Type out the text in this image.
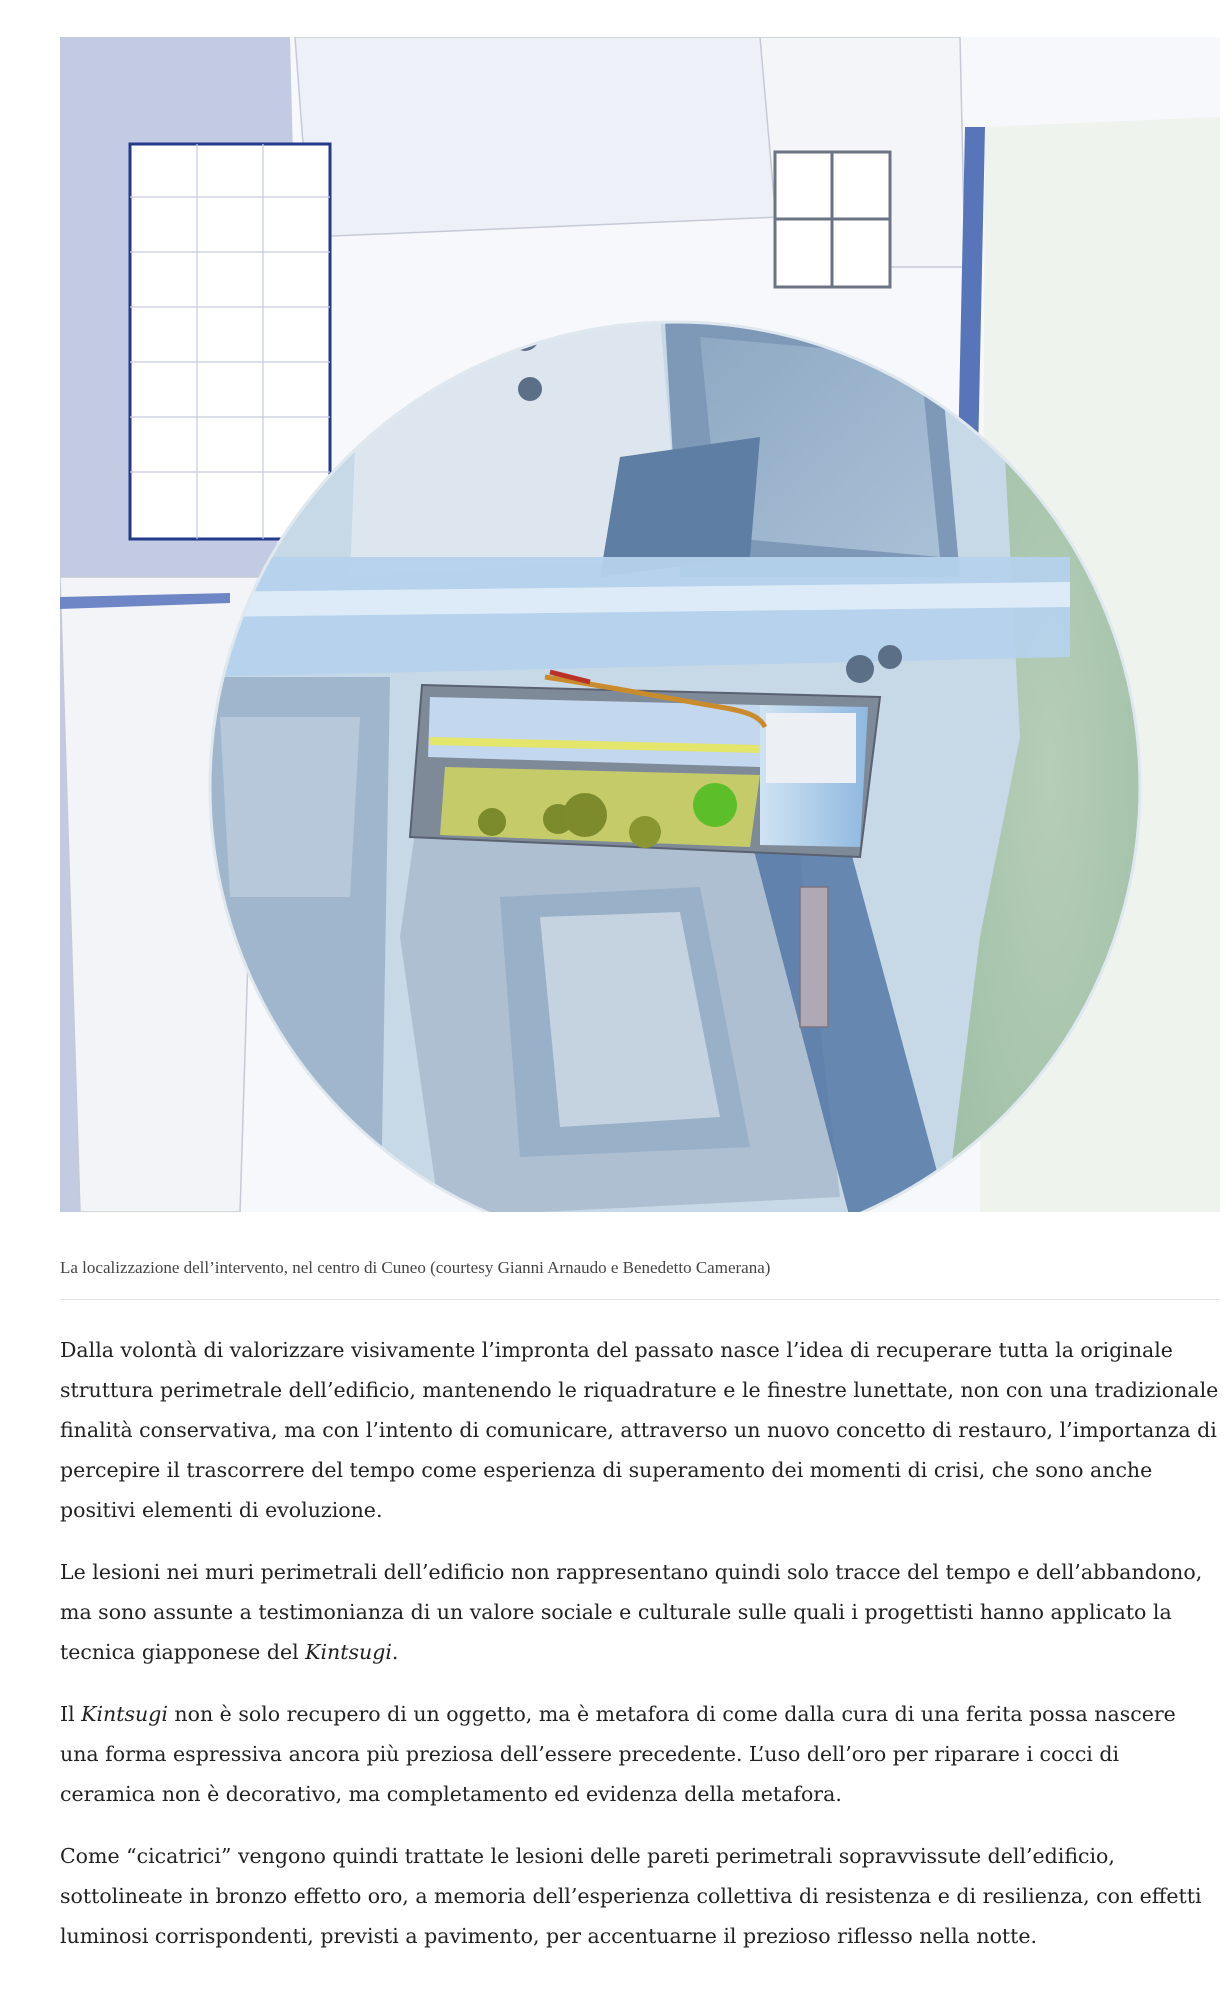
La localizzazione dell’intervento, nel centro di Cuneo (courtesy Gianni Arnaudo e Benedetto Camerana)

Dalla volontà di valorizzare visivamente l’impronta del passato nasce l’idea di recuperare tutta la originale struttura perimetrale dell’edificio, mantenendo le riquadrature e le finestre lunettate, non con una tradizionale finalità conservativa, ma con l’intento di comunicare, attraverso un nuovo concetto di restauro, l’importanza di percepire il trascorrere del tempo come esperienza di superamento dei momenti di crisi, che sono anche positivi elementi di evoluzione.

Le lesioni nei muri perimetrali dell’edificio non rappresentano quindi solo tracce del tempo e dell’abbandono, ma sono assunte a testimonianza di un valore sociale e culturale sulle quali i progettisti hanno applicato la tecnica giapponese del Kintsugi.

Il Kintsugi non è solo recupero di un oggetto, ma è metafora di come dalla cura di una ferita possa nascere una forma espressiva ancora più preziosa dell’essere precedente. L’uso dell’oro per riparare i cocci di ceramica non è decorativo, ma completamento ed evidenza della metafora.

Come “cicatrici” vengono quindi trattate le lesioni delle pareti perimetrali sopravvissute dell’edificio, sottolineate in bronzo effetto oro, a memoria dell’esperienza collettiva di resistenza e di resilienza, con effetti luminosi corrispondenti, previsti a pavimento, per accentuarne il prezioso riflesso nella notte.
